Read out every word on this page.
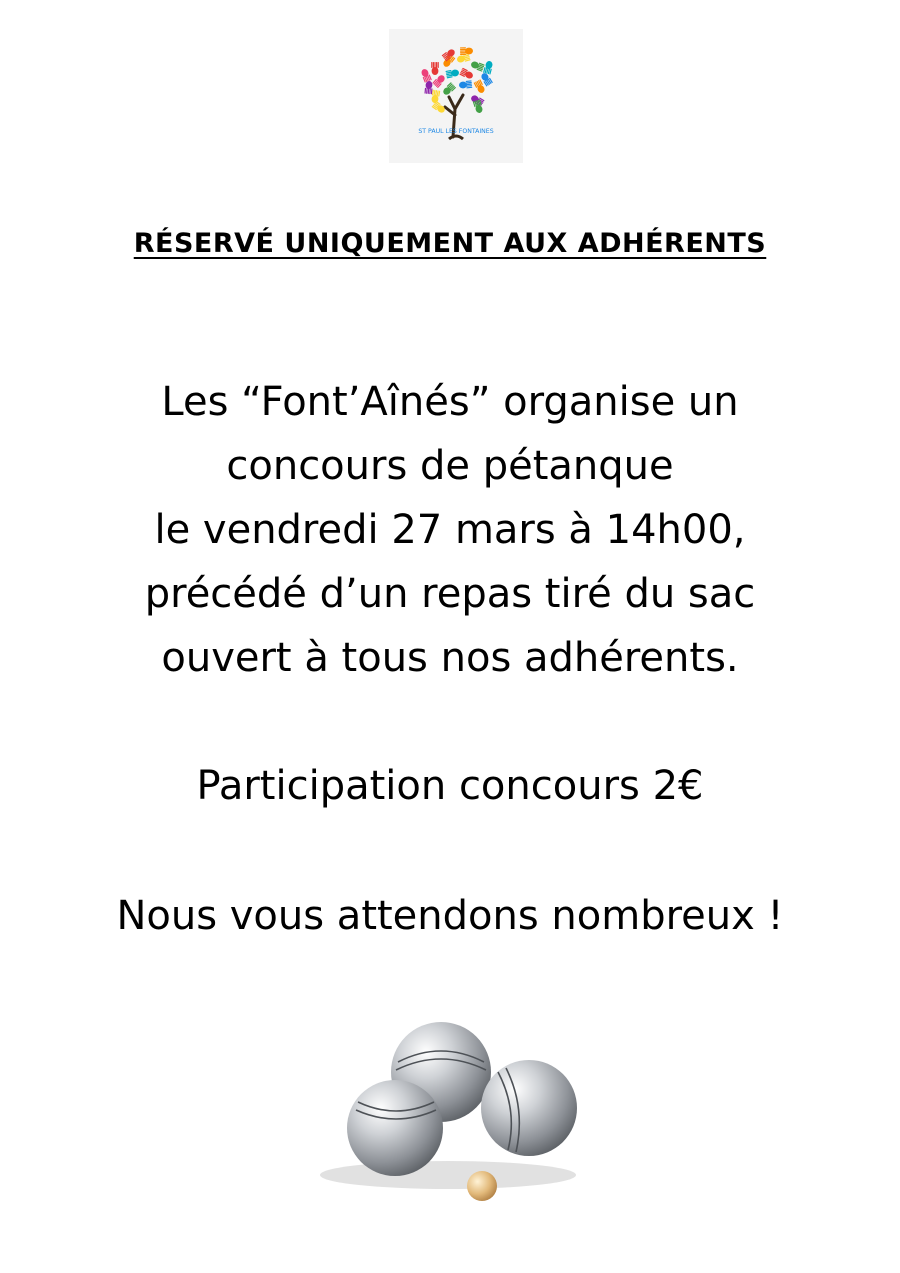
ST PAUL LES FONTAINES
RÉSERVÉ UNIQUEMENT AUX ADHÉRENTS
Les “Font’Aînés” organise un
concours de pétanque
le vendredi 27 mars à 14h00,
précédé d’un repas tiré du sac
ouvert à tous nos adhérents.
Participation concours 2€
Nous vous attendons nombreux !
